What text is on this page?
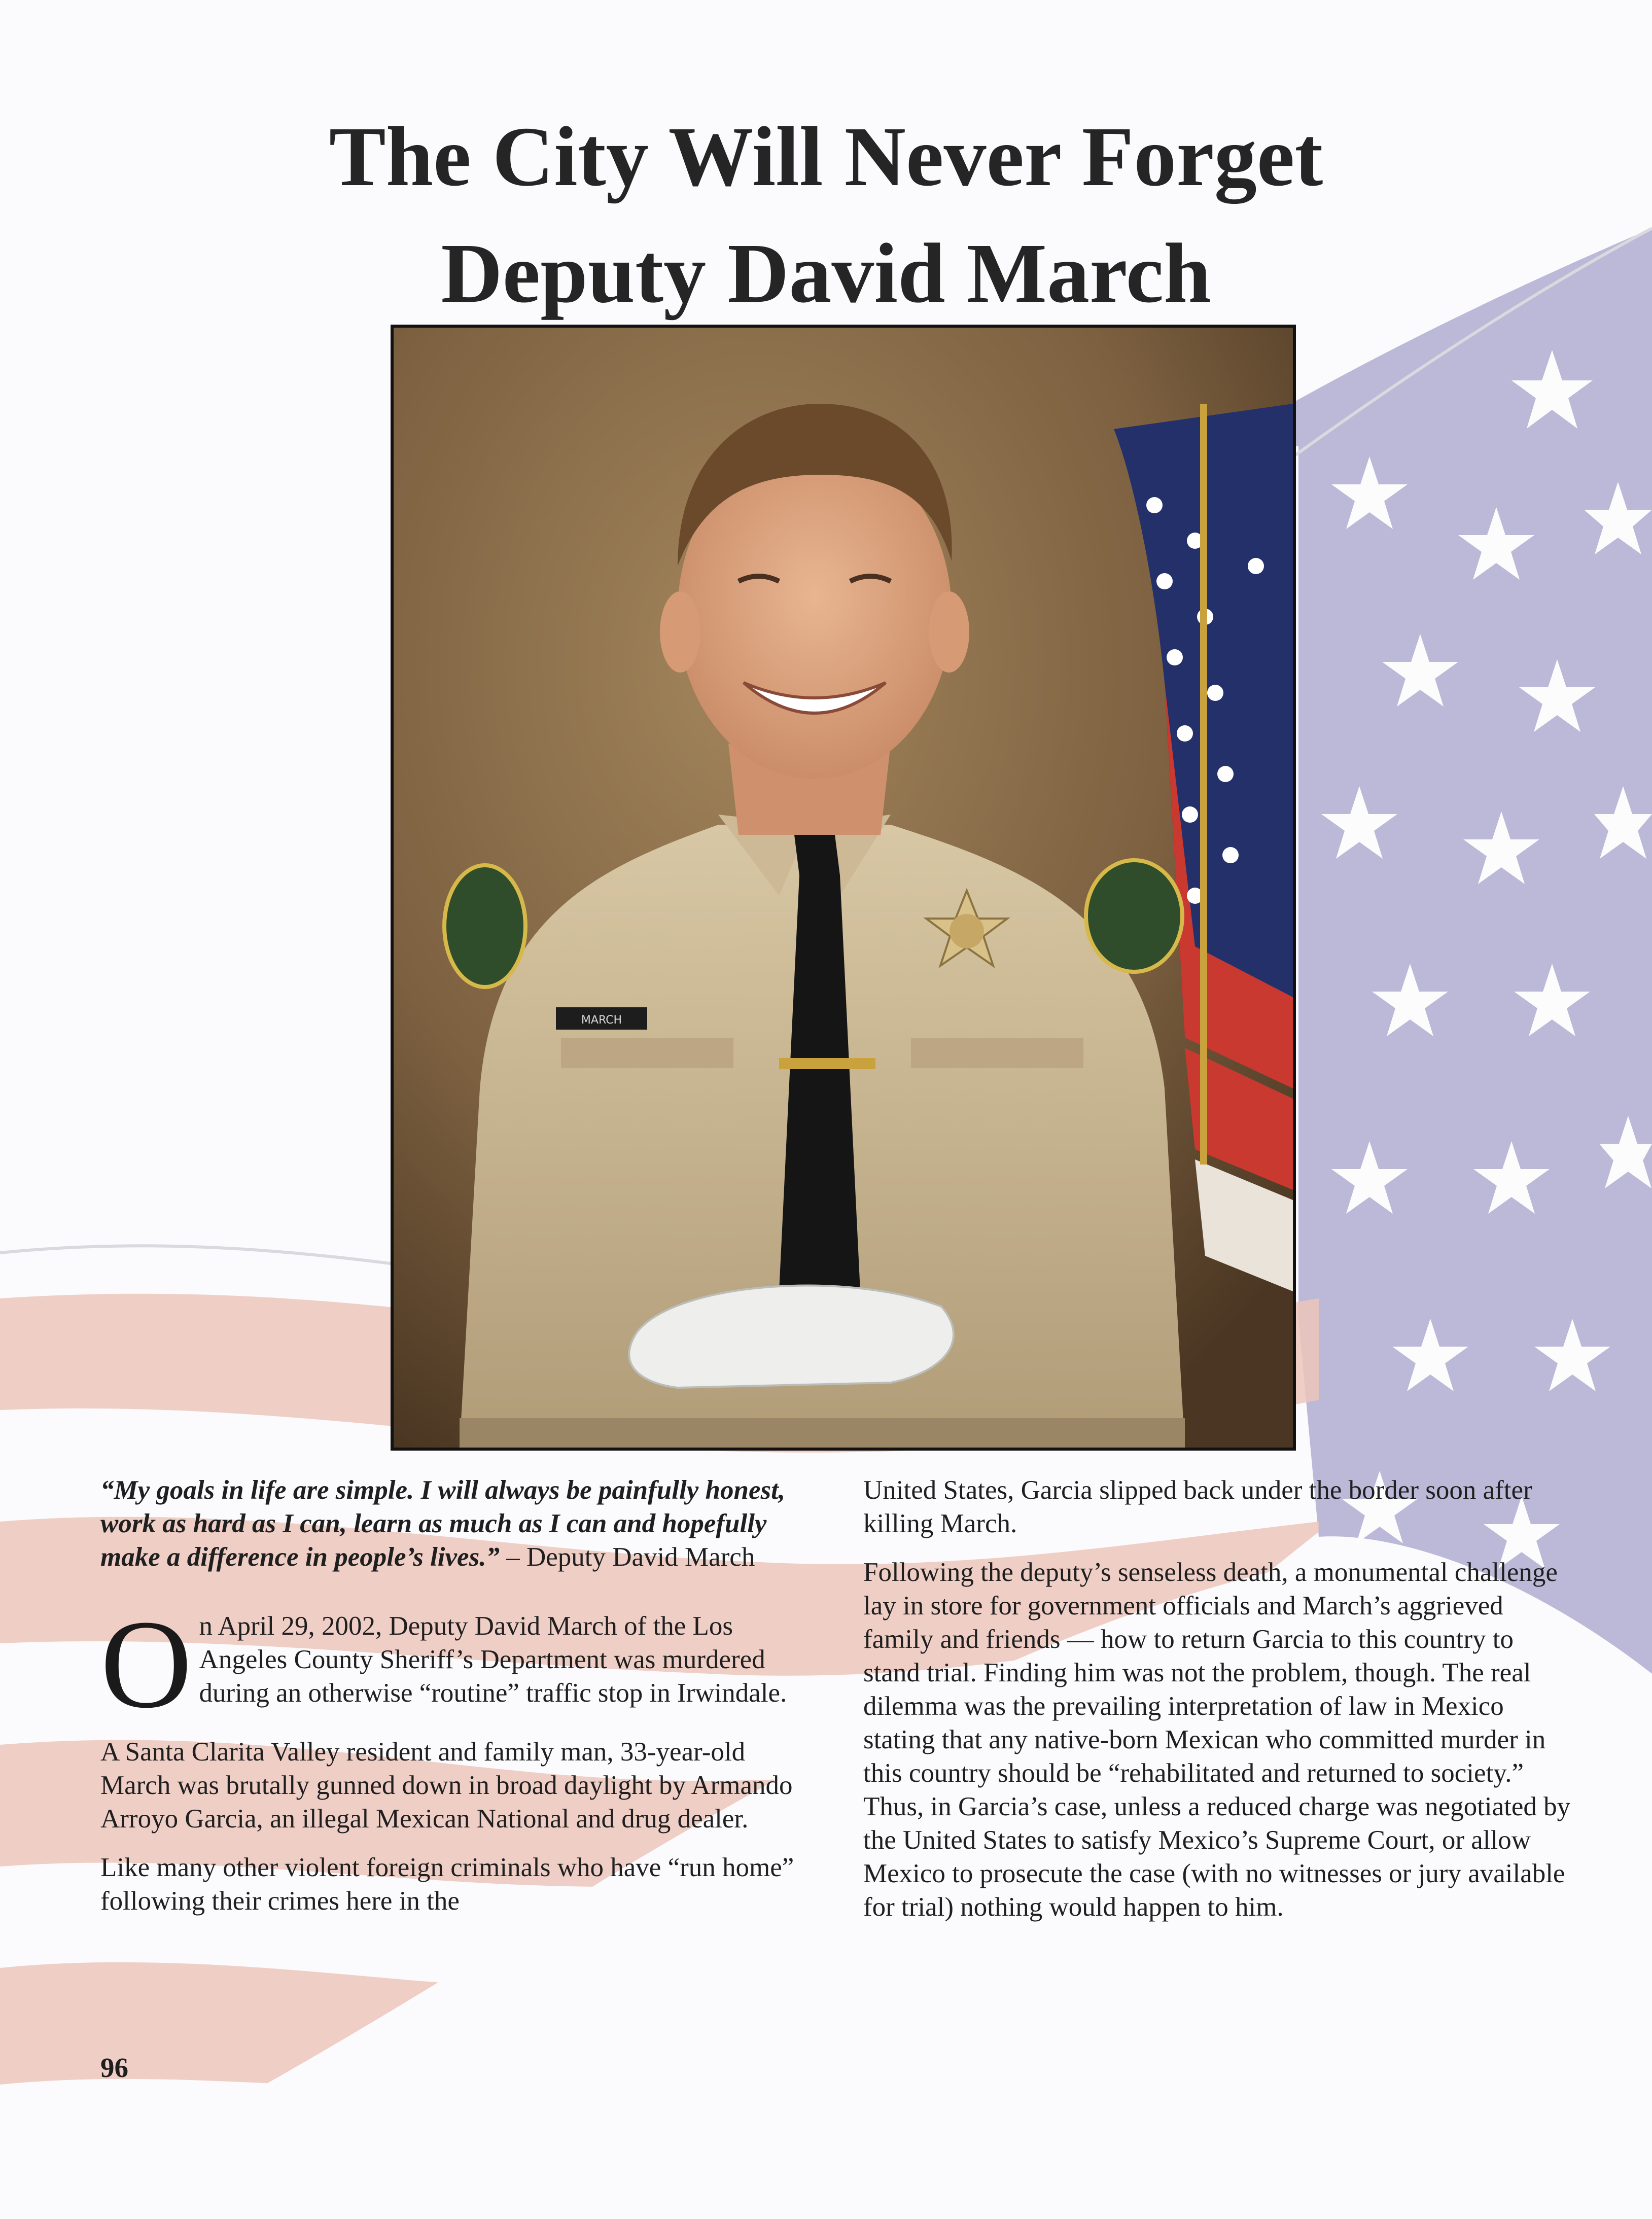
The City Will Never Forget
Deputy David March
MARCH

“My goals in life are simple. I will always be painfully honest, work as hard as I can, learn as much as I can and hopefully make a difference in people’s lives.” – Deputy David March

O n April 29, 2002, Deputy David March of the Los Angeles County Sheriff’s Department was murdered during an otherwise “routine” traffic stop in Irwindale.

A Santa Clarita Valley resident and family man, 33-year-old March was brutally gunned down in broad daylight by Armando Arroyo Garcia, an illegal Mexican National and drug dealer.

Like many other violent foreign criminals who have “run home” following their crimes here in the

United States, Garcia slipped back under the border soon after killing March.

Following the deputy’s senseless death, a monumental challenge lay in store for government officials and March’s aggrieved family and friends — how to return Garcia to this country to stand trial. Finding him was not the problem, though. The real dilemma was the prevailing interpretation of law in Mexico stating that any native-born Mexican who committed murder in this country should be “rehabilitated and returned to society.” Thus, in Garcia’s case, unless a reduced charge was negotiated by the United States to satisfy Mexico’s Supreme Court, or allow Mexico to prosecute the case (with no witnesses or jury available for trial) nothing would happen to him.

96
